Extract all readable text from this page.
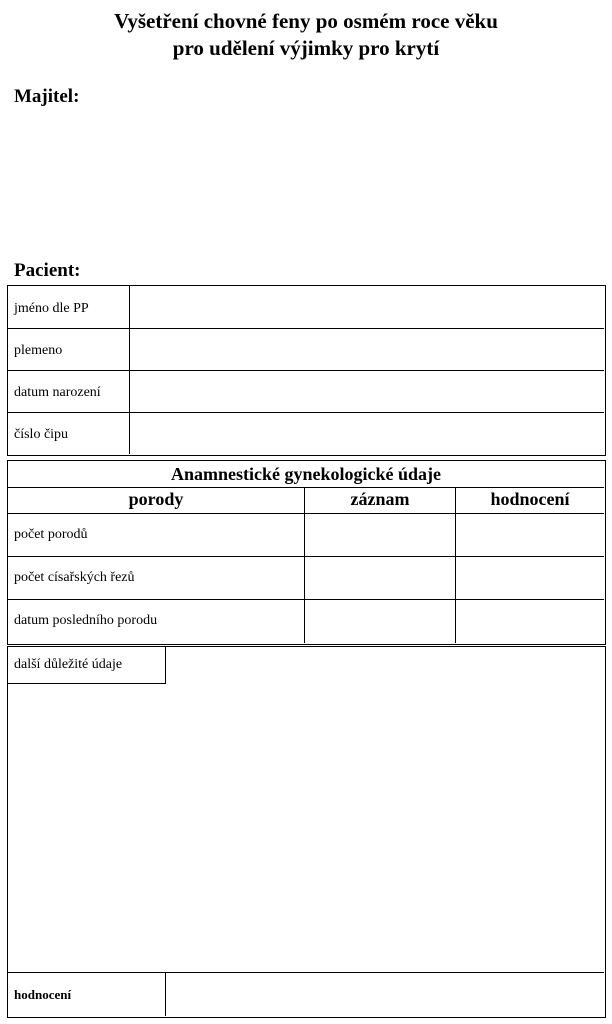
Vyšetření chovné feny po osmém roce věku
pro udělení výjimky pro krytí
Majitel:
Pacient:
jméno dle PP
plemeno
datum narození
číslo čipu
Anamnestické gynekologické údaje
porody	záznam	hodnocení
počet porodů
počet císařských řezů
datum posledního porodu
další důležité údaje
hodnocení
